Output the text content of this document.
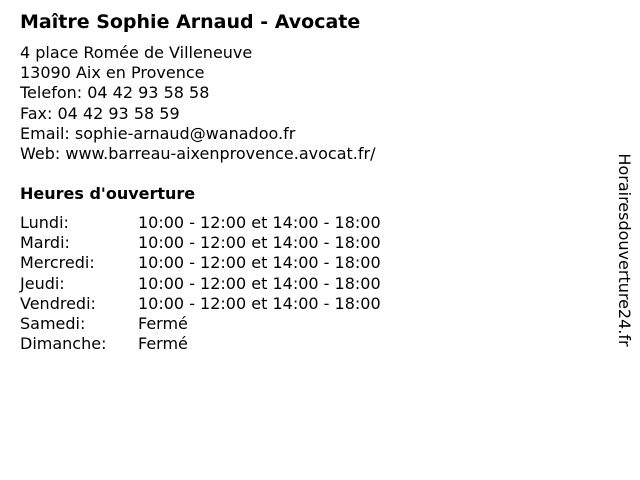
Maître Sophie Arnaud - Avocate
4 place Romée de Villeneuve
13090 Aix en Provence
Telefon: 04 42 93 58 58
Fax: 04 42 93 58 59
Email: sophie-arnaud@wanadoo.fr
Web: www.barreau-aixenprovence.avocat.fr/
Heures d'ouverture
Lundi:	10:00 - 12:00 et 14:00 - 18:00
Mardi:	10:00 - 12:00 et 14:00 - 18:00
Mercredi:	10:00 - 12:00 et 14:00 - 18:00
Jeudi:	10:00 - 12:00 et 14:00 - 18:00
Vendredi:	10:00 - 12:00 et 14:00 - 18:00
Samedi:	Fermé
Dimanche:	Fermé	Horairesdouverture24.fr
